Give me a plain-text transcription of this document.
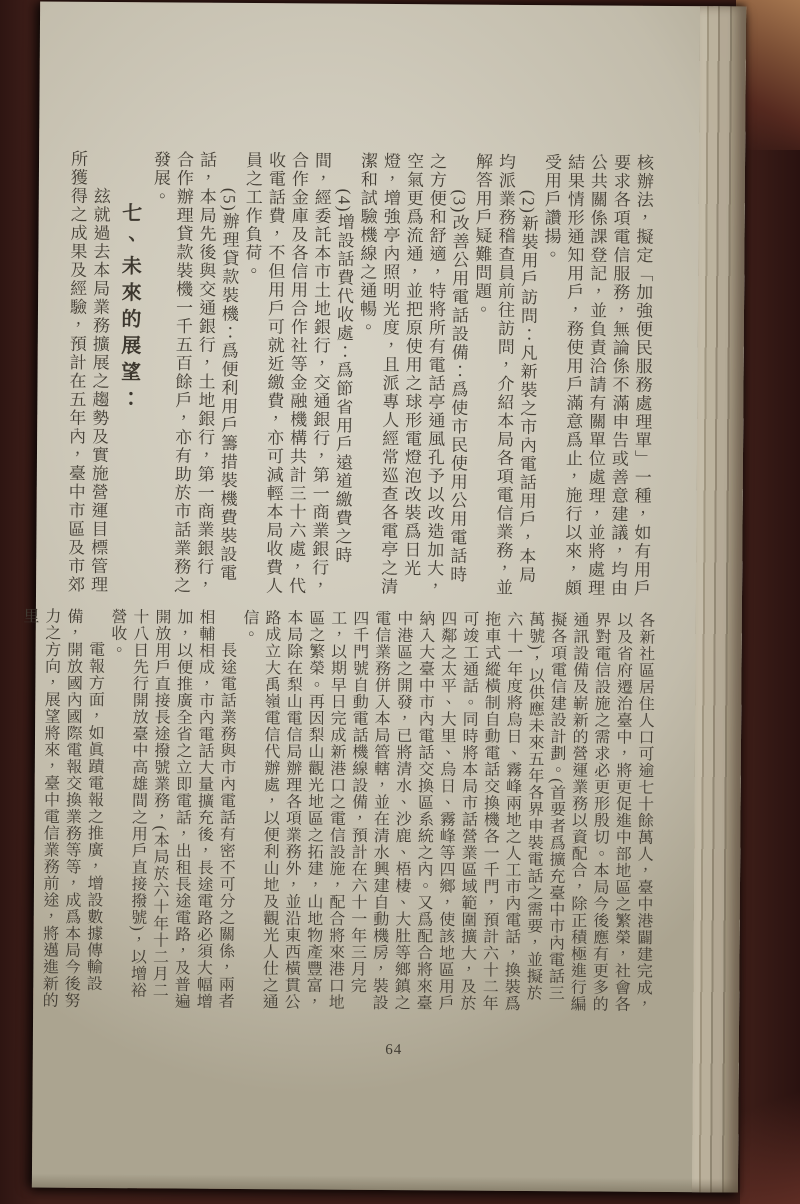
核辦法，擬定「加強便民服務處理單」一種，如有用戶要求各項電信服務，無論係不滿申告或善意建議，均由公共關係課登記，並負責洽請有關單位處理，並將處理結果情形通知用戶，務使用戶滿意爲止，施行以來，頗受用戶讚揚。

(2)新裝用戶訪問：凡新裝之市內電話用戶，本局均派業務稽查員前往訪問，介紹本局各項電信業務，並解答用戶疑難問題。

(3)改善公用電話設備：爲使市民使用公用電話時之方便和舒適，特將所有電話亭通風孔予以改造加大，空氣更爲流通，並把原使用之球形電燈泡改裝爲日光燈，增強亭內照明光度，且派專人經常巡查各電亭之清潔和試驗機線之通暢。

(4)增設話費代收處：爲節省用戶遠道繳費之時間，經委託本市土地銀行，交通銀行，第一商業銀行，合作金庫及各信用合作社等金融機構共計三十六處，代收電話費，不但用戶可就近繳費，亦可減輕本局收費人員之工作負荷。

(5)辦理貸款裝機：爲便利用戶籌措裝機費裝設電話，本局先後與交通銀行，土地銀行，第一商業銀行，合作辦理貸款裝機一千五百餘戶，亦有助於市話業務之發展。

七、未來的展望：

玆就過去本局業務擴展之趨勢及實施營運目標管理所獲得之成果及經驗，預計在五年內，臺中市區及市郊

各新社區居住人口可逾七十餘萬人，臺中港闢建完成，以及省府遷治臺中，將更促進中部地區之繁榮，社會各界對電信設施之需求必更形殷切。本局今後應有更多的通訊設備及嶄新的營運業務以資配合，除正積極進行編擬各項電信建設計劃。(首要者爲擴充臺中市內電話三萬號)，以供應未來五年各界申裝電話之需要，並擬於六十一年度將烏日、霧峰兩地之人工市內電話，換裝爲拖車式縱橫制自動電話交換機各一千門，預計六十二年可竣工通話。同時將本局市話營業區域範圍擴大，及於四鄰之太平、大里、烏日、霧峰等四鄉，使該地區用戶納入大臺中市內電話交換區系統之內。又爲配合將來臺中港區之開發，已將清水、沙鹿、梧棲、大肚等鄉鎮之電信業務併入本局管轄，並在清水興建自動機房，裝設四千門號自動電話機線設備，預計在六十一年三月完工，以期早日完成新港口之電信設施，配合將來港口地區之繁榮。再因梨山觀光地區之拓建，山地物產豐富，本局除在梨山電信局辦理各項業務外，並沿東西橫貫公路成立大禹嶺電信代辦處，以便利山地及觀光人仕之通信。

長途電話業務與市內電話有密不可分之關係，兩者相輔相成，市內電話大量擴充後，長途電路必須大幅增加，以便推廣全省之立即電話，出租長途電路，及普遍開放用戶直接長途撥號業務，(本局於六十年十二月二十八日先行開放臺中高雄間之用戶直接撥號)，以增裕營收。

電報方面，如眞蹟電報之推廣，增設數據傳輸設備，開放國內國際電報交換業務等等，成爲本局今後努力之方向，展望將來，臺中電信業務前途，將邁進新的里

64
